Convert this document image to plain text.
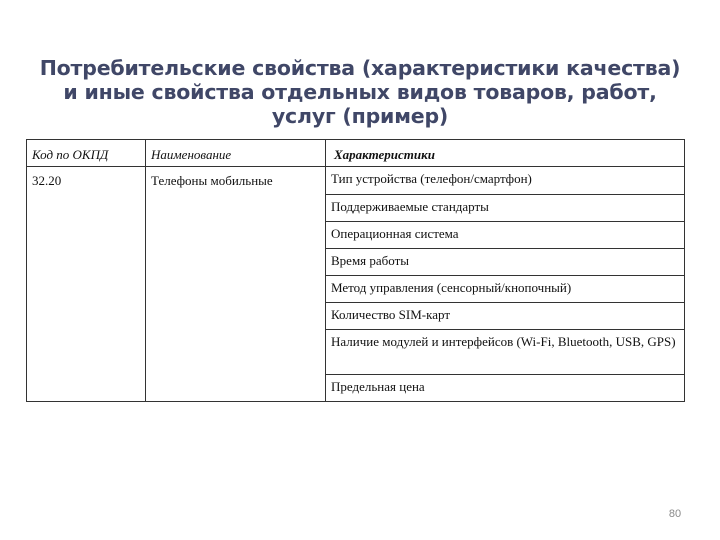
Потребительские свойства (характеристики качества)
и иные свойства отдельных видов товаров, работ,
услуг (пример)
Код по ОКПД	Наименование	Характеристики
32.20	Телефоны мобильные	Тип устройства (телефон/смартфон)
		Поддерживаемые стандарты
		Операционная система
		Время работы
		Метод управления (сенсорный/кнопочный)
		Количество SIM-карт
		Наличие модулей и интерфейсов (Wi-Fi, Bluetooth, USB, GPS)
		Предельная цена
80
